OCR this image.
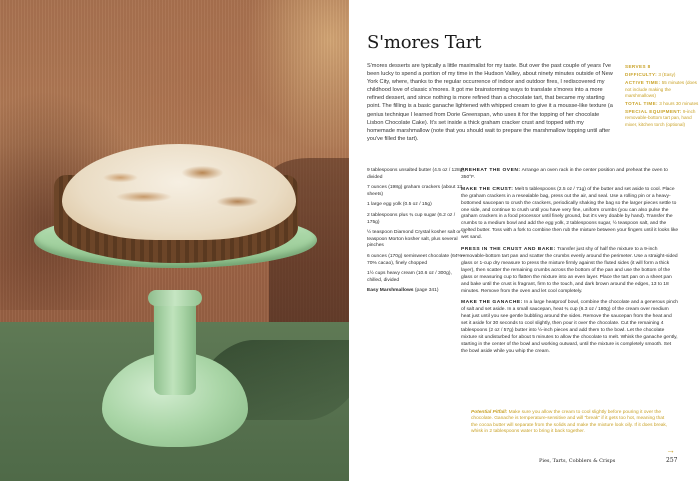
S'mores Tart

S'mores desserts are typically a little maximalist for my taste. But over the past couple of years I've been lucky to spend a portion of my time in the Hudson Valley, about ninety minutes outside of New York City, where, thanks to the regular occurrence of indoor and outdoor fires, I rediscovered my childhood love of classic s'mores. It got me brainstorming ways to translate s'mores into a more refined dessert, and since nothing is more refined than a chocolate tart, that became my starting point. The filling is a basic ganache lightened with whipped cream to give it a mousse-like texture (a genius technique I learned from Dorie Greenspan, who uses it for the topping of her chocolate Lisbon Chocolate Cake). It's set inside a thick graham cracker crust and topped with my homemade marshmallow (note that you should wait to prepare the marshmallow topping until after you've filled the tart).

SERVES 8
DIFFICULTY: 3 (Easy)
ACTIVE TIME: 55 minutes (does not include making the marshmallows)
TOTAL TIME: 3 hours 30 minutes
SPECIAL EQUIPMENT: 9-inch removable-bottom tart pan, hand mixer, kitchen torch (optional)
9 tablespoons unsalted butter (4.5 oz / 128g), divided
7 ounces (198g) graham crackers (about 13 sheets)
1 large egg yolk (0.5 oz / 15g)
2 tablespoons plus ¾ cup sugar (6.2 oz / 175g)
½ teaspoon Diamond Crystal kosher salt or ¼ teaspoon Morton kosher salt, plus several pinches
6 ounces (170g) semisweet chocolate (64%–70% cacao), finely chopped
1½ cups heavy cream (10.6 oz / 300g), chilled, divided
Easy Marshmallows (page 341)
PREHEAT THE OVEN: Arrange an oven rack in the center position and preheat the oven to 350°F.
MAKE THE CRUST: Melt 5 tablespoons (2.5 oz / 71g) of the butter and set aside to cool. Place the graham crackers in a resealable bag, press out the air, and seal. Use a rolling pin or a heavy-bottomed saucepan to crush the crackers, periodically shaking the bag so the larger pieces settle to one side, and continue to crush until you have very fine, uniform crumbs (you can also pulse the graham crackers in a food processor until finely ground, but it's very doable by hand). Transfer the crumbs to a medium bowl and add the egg yolk, 2 tablespoons sugar, ½ teaspoon salt, and the melted butter. Toss with a fork to combine then rub the mixture between your fingers until it looks like wet sand.
PRESS IN THE CRUST AND BAKE: Transfer just shy of half the mixture to a 9-inch removable-bottom tart pan and scatter the crumbs evenly around the perimeter. Use a straight-sided glass or 1-cup dry measure to press the mixture firmly against the fluted sides (it will form a thick layer), then scatter the remaining crumbs across the bottom of the pan and use the bottom of the glass or measuring cup to flatten the mixture into an even layer. Place the tart pan on a sheet pan and bake until the crust is fragrant, firm to the touch, and dark brown around the edges, 13 to 18 minutes. Remove from the oven and let cool completely.
MAKE THE GANACHE: In a large heatproof bowl, combine the chocolate and a generous pinch of salt and set aside. In a small saucepan, heat ¾ cup (6.3 oz / 180g) of the cream over medium heat just until you see gentle bubbling around the sides. Remove the saucepan from the heat and set it aside for 30 seconds to cool slightly, then pour it over the chocolate. Cut the remaining 4 tablespoons (2 oz / 57g) butter into ½-inch pieces and add them to the bowl. Let the chocolate mixture sit undisturbed for about 5 minutes to allow the chocolate to melt. Whisk the ganache gently, starting in the center of the bowl and working outward, until the mixture is completely smooth. Set the bowl aside while you whip the cream.
Potential Pitfall: Make sure you allow the cream to cool slightly before pouring it over the chocolate. Ganache is temperature-sensitive and will "break" if it gets too hot, meaning that the cocoa butter will separate from the solids and make the mixture look oily. If it does break, whisk in 2 tablespoons water to bring it back together.
→
Pies, Tarts, Cobblers & Crisps	257
